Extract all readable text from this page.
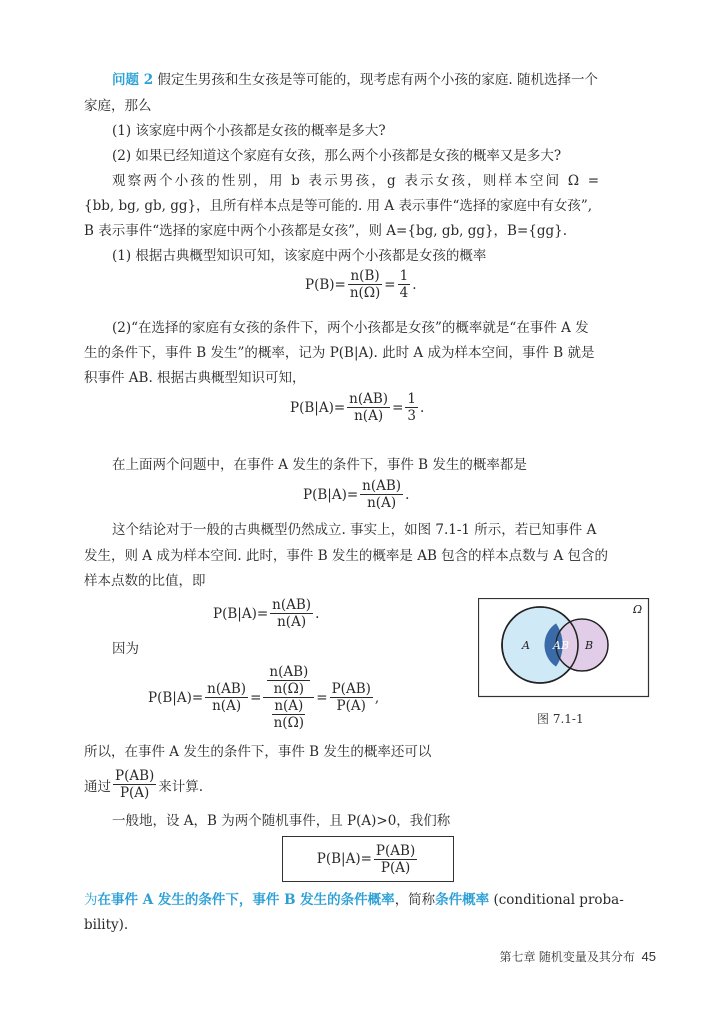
问题 2 假定生男孩和生女孩是等可能的，现考虑有两个小孩的家庭. 随机选择一个
家庭，那么
(1) 该家庭中两个小孩都是女孩的概率是多大?
(2) 如果已经知道这个家庭有女孩，那么两个小孩都是女孩的概率又是多大?
观察两个小孩的性别，用 b 表示男孩，g 表示女孩，则样本空间 Ω =
{bb, bg, gb, gg}，且所有样本点是等可能的. 用 A 表示事件“选择的家庭中有女孩”,
B 表示事件“选择的家庭中两个小孩都是女孩”，则 A={bg, gb, gg}，B={gg}.
(1) 根据古典概型知识可知，该家庭中两个小孩都是女孩的概率
$P(B)= \frac{n(B)}{n(\Omega)} = \frac{1}{4}$ .
(2)“在选择的家庭有女孩的条件下，两个小孩都是女孩”的概率就是“在事件 A 发
生的条件下，事件 B 发生”的概率，记为 P(B|A). 此时 A 成为样本空间，事件 B 就是
积事件 AB. 根据古典概型知识可知，
$P(B|A)= \frac{n(AB)}{n(A)} = \frac{1}{3}$ .
在上面两个问题中，在事件 A 发生的条件下，事件 B 发生的概率都是
$P(B|A)= \frac{n(AB)}{n(A)}$ .
这个结论对于一般的古典概型仍然成立. 事实上，如图 7.1-1 所示，若已知事件 A
发生，则 A 成为样本空间. 此时，事件 B 发生的概率是 AB 包含的样本点数与 A 包含的
样本点数的比值，即
$P(B|A)= \frac{n(AB)}{n(A)}$ .
因为
$P(B|A)= \frac{n(AB)}{n(A)} = \frac{\frac{n(AB)}{n(\Omega)}}{\frac{n(A)}{n(\Omega)}} = \frac{P(AB)}{P(A)}$ ,
Ω
A AB B
图 7.1-1
所以，在事件 A 发生的条件下，事件 B 发生的概率还可以
通过 $\frac{P(AB)}{P(A)}$ 来计算.
一般地，设 A，B 为两个随机事件，且 P(A)>0，我们称
$P(B|A)= \frac{P(AB)}{P(A)}$
为在事件 A 发生的条件下，事件 B 发生的条件概率，简称条件概率 (conditional proba-
bility).
第七章 随机变量及其分布 45
